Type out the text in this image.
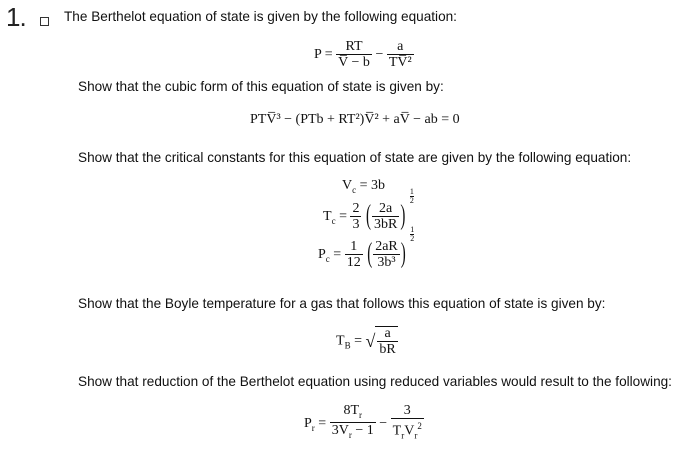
1.	The Berthelot equation of state is given by the following equation:
$P = \frac{RT}{V̅ - b} - \frac{a}{\text{TV̅²}}$
Show that the cubic form of this equation of state is given by:
PTV̅³ − (PTb + RT²)V̅² + aV̅ − ab = 0
Show that the critical constants for this equation of state are given by the following equation:
$V_c = 3b$
$T_c = \frac{2}{3}$ ( $\frac{2a}{3bR}$ )
$\frac{1}{2}$
$P_c = \frac{1}{12}$ ( $\frac{2aR}{\text{3b³}}$ )
$\frac{1}{2}$
Show that the Boyle temperature for a gas that follows this equation of state is given by:
$T_B$ = √ $\frac{a}{bR}$
Show that reduction of the Berthelot equation using reduced variables would result to the following:
$P_r = \frac{8T_r}{3V_r - 1} - \frac{3}{T_rV_r^2}$
